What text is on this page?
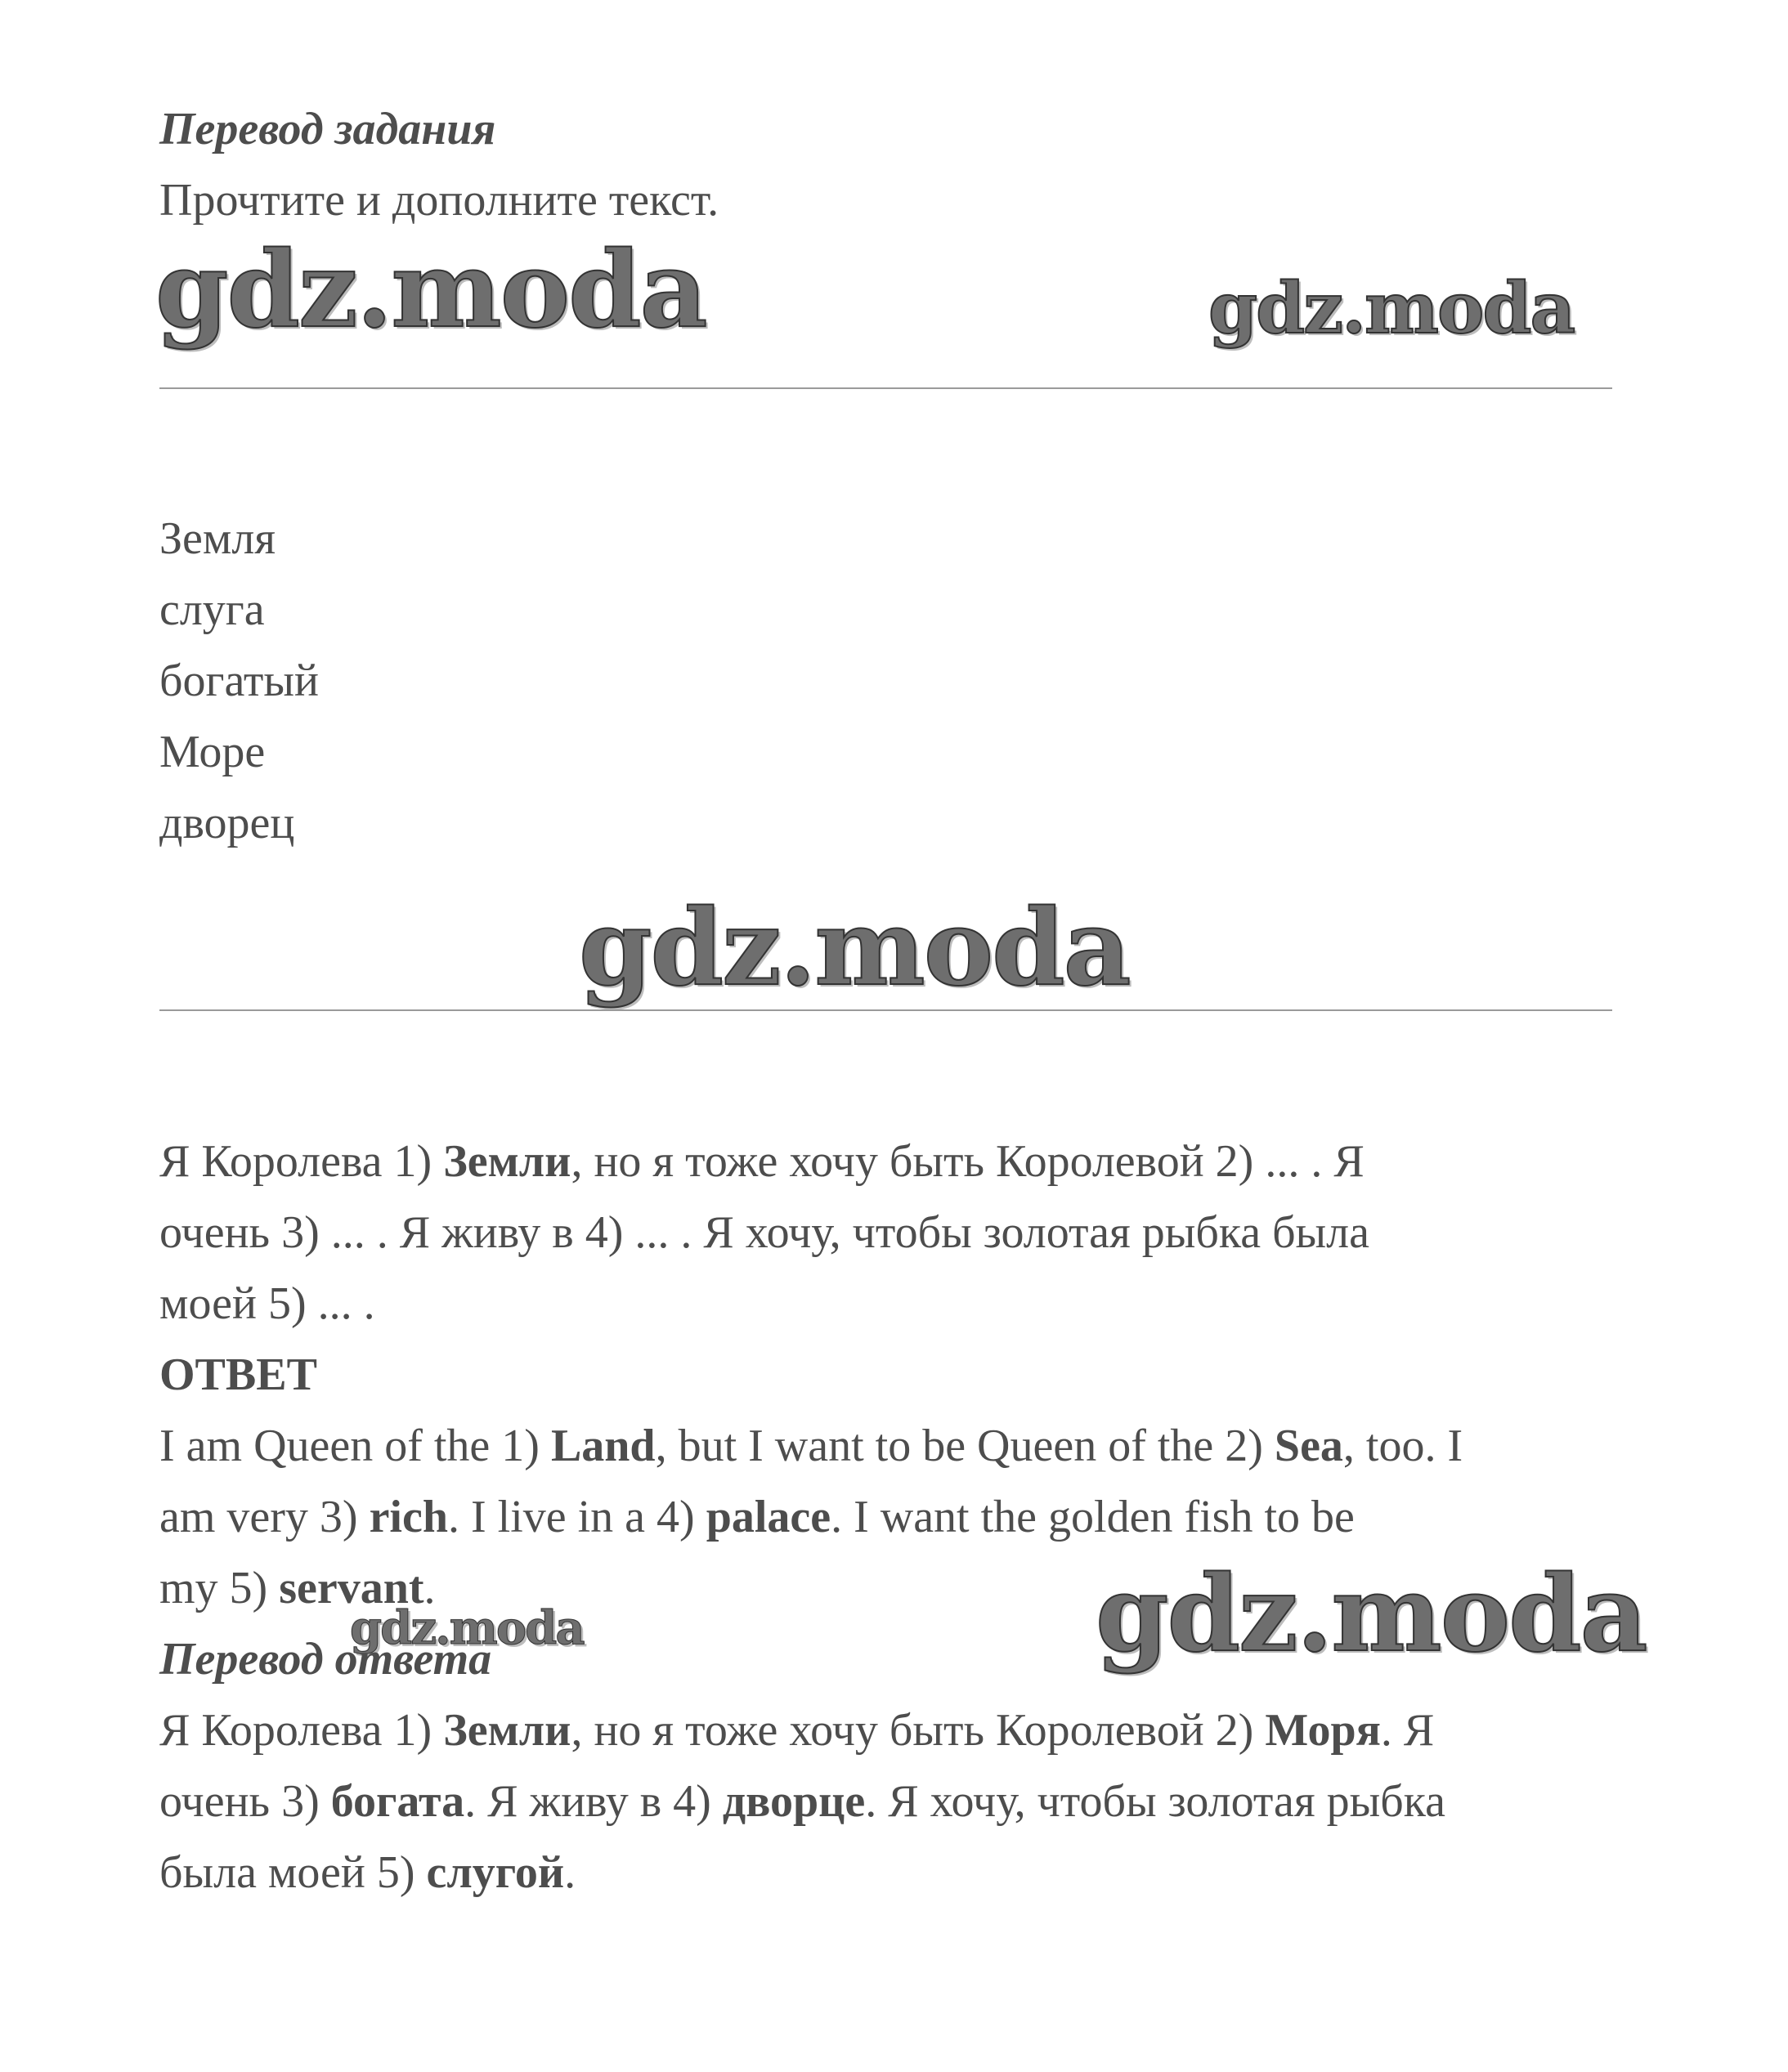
Перевод задания
Прочтите и дополните текст.
gdz.moda	gdz.moda
Земля
слуга
богатый
Море
дворец
gdz.moda
Я Королева 1) Земли, но я тоже хочу быть Королевой 2) ... . Я
очень 3) ... . Я живу в 4) ... . Я хочу, чтобы золотая рыбка была
моей 5) ... .
ОТВЕТ
I am Queen of the 1) Land, but I want to be Queen of the 2) Sea, too. I
am very 3) rich. I live in a 4) palace. I want the golden fish to be
my 5) servant.	gdz.moda
gdz.moda
Перевод ответа
Я Королева 1) Земли, но я тоже хочу быть Королевой 2) Моря. Я
очень 3) богата. Я живу в 4) дворце. Я хочу, чтобы золотая рыбка
была моей 5) слугой.
